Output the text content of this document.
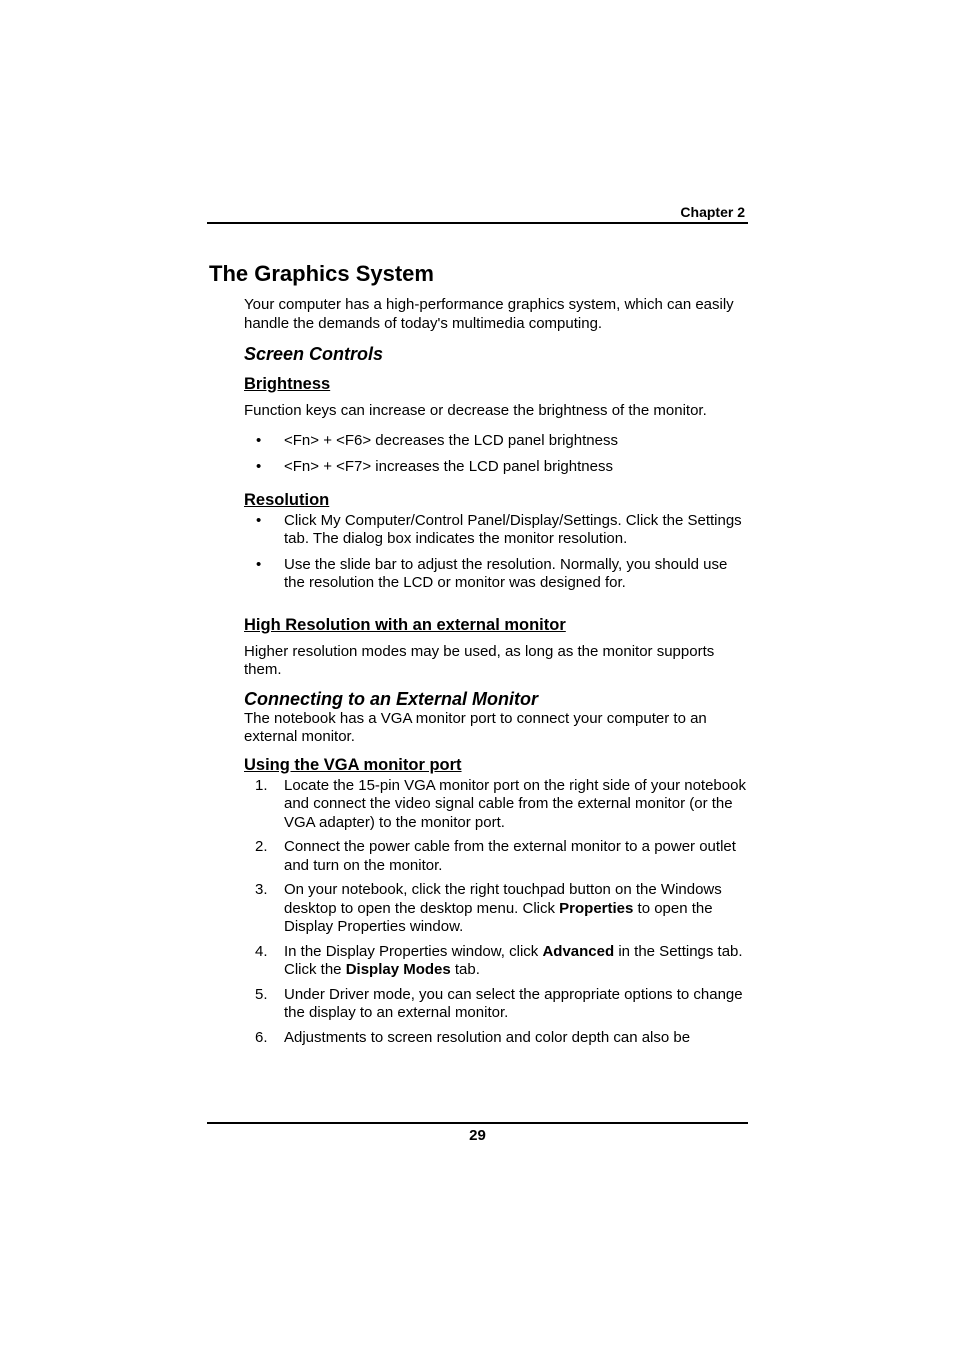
Chapter 2
The Graphics System

Your computer has a high-performance graphics system, which can easily handle the demands of today's multimedia computing.

Screen Controls
Brightness

Function keys can increase or decrease the brightness of the monitor.

• <Fn> + <F6> decreases the LCD panel brightness
• <Fn> + <F7> increases the LCD panel brightness
Resolution
• Click My Computer/Control Panel/Display/Settings. Click the Settings tab. The dialog box indicates the monitor resolution.
• Use the slide bar to adjust the resolution. Normally, you should use the resolution the LCD or monitor was designed for.
High Resolution with an external monitor

Higher resolution modes may be used, as long as the monitor supports them.

Connecting to an External Monitor

The notebook has a VGA monitor port to connect your computer to an external monitor.

Using the VGA monitor port
1. Locate the 15-pin VGA monitor port on the right side of your notebook and connect the video signal cable from the external monitor (or the VGA adapter) to the monitor port.
2. Connect the power cable from the external monitor to a power outlet and turn on the monitor.
3. On your notebook, click the right touchpad button on the Windows desktop to open the desktop menu. Click Properties to open the Display Properties window.
4. In the Display Properties window, click Advanced in the Settings tab. Click the Display Modes tab.
5. Under Driver mode, you can select the appropriate options to change the display to an external monitor.
6. Adjustments to screen resolution and color depth can also be
29
